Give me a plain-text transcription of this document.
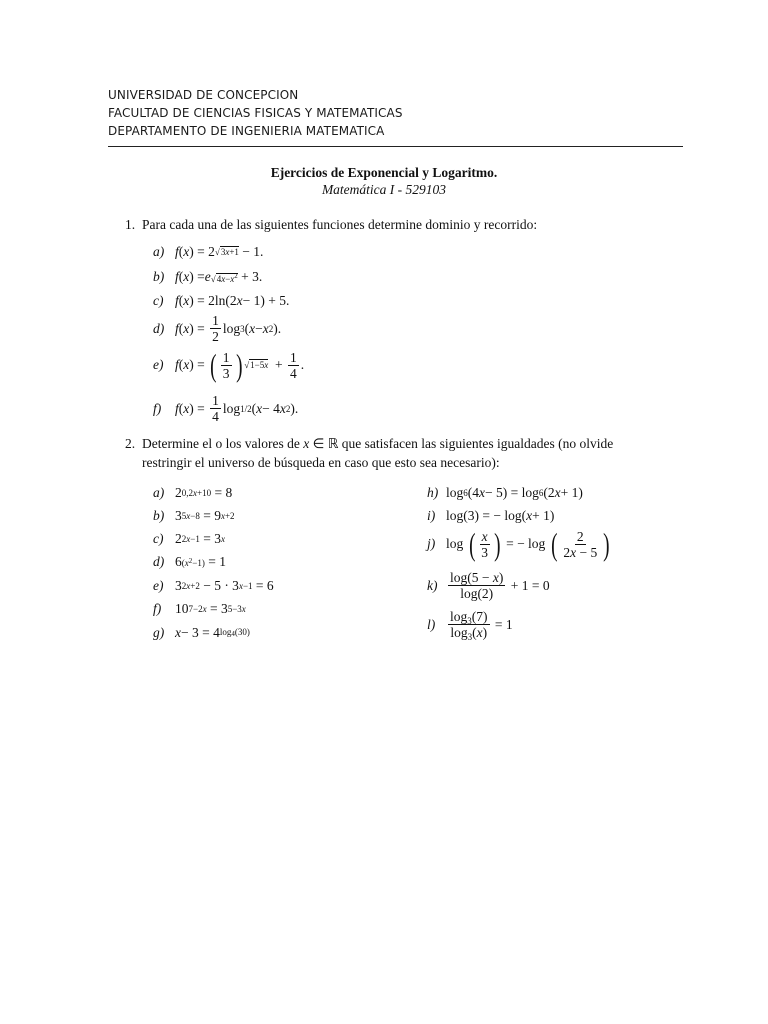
UNIVERSIDAD DE CONCEPCION
FACULTAD DE CIENCIAS FISICAS Y MATEMATICAS
DEPARTAMENTO DE INGENIERIA MATEMATICA
Ejercicios de Exponencial y Logaritmo.
Matemática I - 529103
1. Para cada una de las siguientes funciones determine dominio y recorrido:
a) f ( x ) = 2 √3x+1 − 1.
b) f ( x ) = e $√4x-x^2 + 3$.
c) f ( x ) = 2ln(2 x − 1) + 5.
d) f ( x ) = $\frac{1}{2}$ log 3 ( x − x 2 ).
e) f ( x ) = ( $\frac{1}{3}$ ) $√1-5x + \frac{1}{4}$ .
f)	f ( x ) = $\frac{1}{4}$ log 1/2 ( x − 4 x 2 ).
2. Determine el o los valores de x ∈ ℝ que satisfacen las siguientes igualdades (no olvide
restringir el universo de búsqueda en caso que esto sea necesario):
a) 2 0,2x+10 = 8
b) 3 5x−8 = 9 x+2
c) 2 2x−1 = 3 x
d) 6 $(x^2-1) = 1$
e) 3 2x+2 − 5 · 3 x−1 = 6
f)	10 7−2x = 3 5−3x
g) x − 3 = 4 $\log_4(30)$
h) log 6 (4 x − 5) = log 6 (2 x + 1)
i) log(3) = − log( x + 1)
j) log ( $\frac{x}{3}$ ) = − log ( $\frac{2}{2x - 5}$ )
$k) \frac{\log(5 - x)}{\log(2)} + 1 = 0$
$l) \frac{\log_3(7)}{\log_3(x)} = 1$
